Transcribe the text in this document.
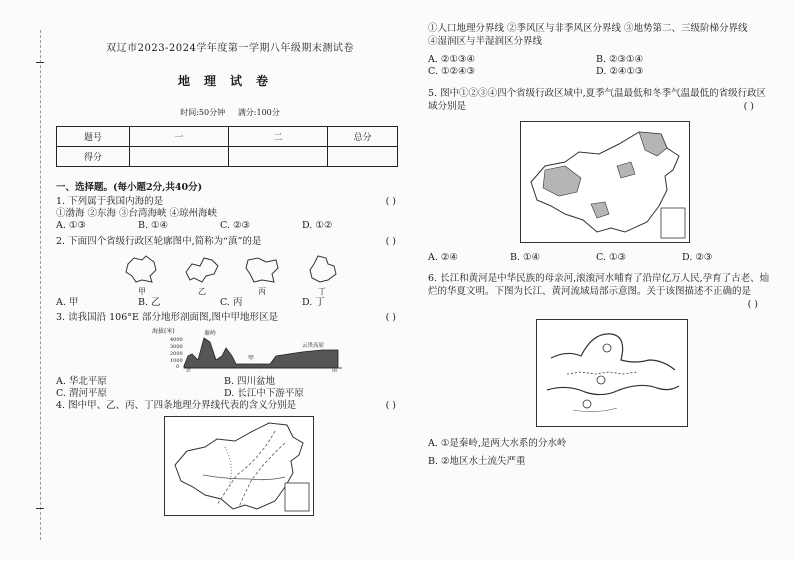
双辽市2023-2024学年度第一学期八年级期末测试卷
地理试卷
时间:50分钟 满分:100分
题号	一	二	总分
得分			
一、选择题。(每小题2分,共40分)
1. 下列属于我国内海的是	( )
①渤海 ②东海 ③台湾海峡 ④琼州海峡
A. ①③	B. ①④	C. ②③	D. ①②
2. 下面四个省级行政区轮廓图中,简称为“滇”的是	( )
甲	乙	丙	丁
A. 甲	B. 乙	C. 丙	D. 丁
3. 读我国沿 106°E 部分地形剖面图,图中甲地形区是	( )
海拔(米)
4000
3000
2000
1000
0
秦岭
甲
云贵高原
北	南
A. 华北平原	B. 四川盆地
C. 渭河平原	D. 长江中下游平原
4. 图中甲、乙、丙、丁四条地理分界线代表的含义分别是	( )
①人口地理分界线 ②季风区与非季风区分界线 ③地势第二、三级阶梯分界线
④湿润区与半湿润区分界线
A. ②①③④	B. ②③①④
C. ①②④③	D. ②④①③
5. 图中①②③④四个省级行政区域中,夏季气温最低和冬季气温最低的省级行政区
域分别是	( )
A. ②④	B. ①④	C. ①③	D. ②③
6. 长江和黄河是中华民族的母亲河,滚滚河水哺育了沿岸亿万人民,孕育了古老、灿
烂的华夏文明。下图为长江、黄河流域局部示意图。关于该图描述不正确的是
( )
A. ①是秦岭,是两大水系的分水岭
B. ②地区水土流失严重
